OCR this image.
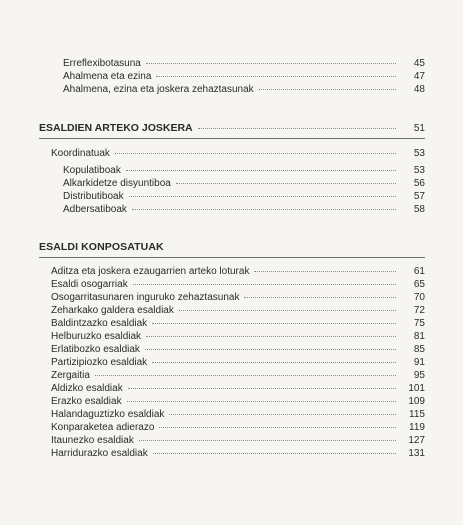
Erreflexibotasuna	45
Ahalmena eta ezina	47
Ahalmena, ezina eta joskera zehaztasunak	48
ESALDIEN ARTEKO JOSKERA	51
Koordinatuak	53
Kopulatiboak	53
Alkarkidetze disyuntiboa	56
Distributiboak	57
Adbersatiboak	58
ESALDI KONPOSATUAK
Aditza eta joskera ezaugarrien arteko loturak	61
Esaldi osogarriak	65
Osogarritasunaren inguruko zehaztasunak	70
Zeharkako galdera esaldiak	72
Baldintzazko esaldiak	75
Helburuzko esaldiak	81
Erlatibozko esaldiak	85
Partizipiozko esaldiak	91
Zergaitia	95
Aldizko esaldiak	101
Erazko esaldiak	109
Halandaguztizko esaldiak	115
Konparaketea adierazo	119
Itaunezko esaldiak	127
Harridurazko esaldiak	131
